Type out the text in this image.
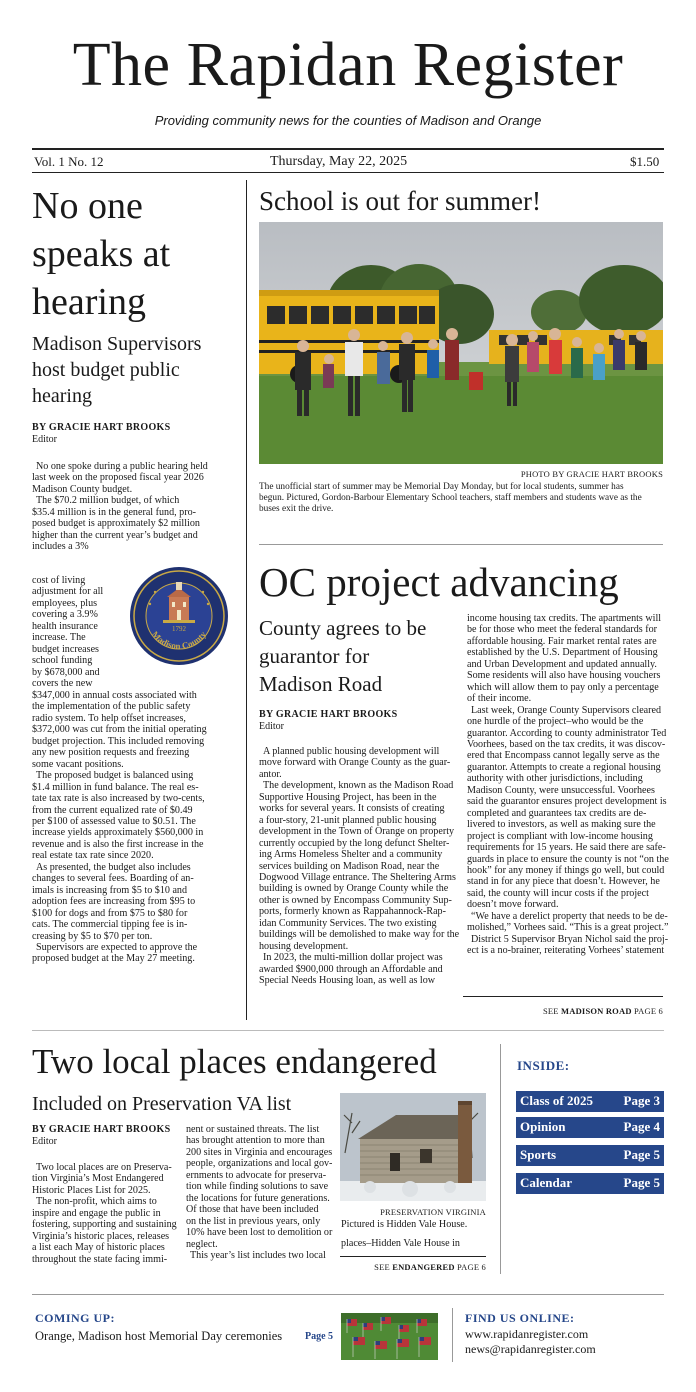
The Rapidan Register
Providing community news for the counties of Madison and Orange
Vol. 1 No. 12	Thursday, May 22, 2025	$1.50
No one
speaks at
hearing
Madison Supervisors
host budget public
hearing
BY GRACIE HART BROOKS
Editor
No one spoke during a public hearing held
last week on the proposed fiscal year 2026
Madison County budget.
The $70.2 million budget, of which
$35.4 million is in the general fund, pro-
posed budget is approximately $2 million
higher than the current year’s budget and
includes a 3%
cost of living
adjustment for all
employees, plus
covering a 3.9%
health insurance
increase. The
budget increases
school funding
by $678,000 and
covers the new
$347,000 in annual costs associated with
the implementation of the public safety
radio system. To help offset increases,
$372,000 was cut from the initial operating
budget projection. This included removing
any new position requests and freezing
some vacant positions.
The proposed budget is balanced using
$1.4 million in fund balance. The real es-
tate tax rate is also increased by two-cents,
from the current equalized rate of $0.49
per $100 of assessed value to $0.51. The
increase yields approximately $560,000 in
revenue and is also the first increase in the
real estate tax rate since 2020.
As presented, the budget also includes
changes to several fees. Boarding of an-
imals is increasing from $5 to $10 and
adoption fees are increasing from $95 to
$100 for dogs and from $75 to $80 for
cats. The commercial tipping fee is in-
creasing by $5 to $70 per ton.
Supervisors are expected to approve the
proposed budget at the May 27 meeting.
1792
Madison County
School is out for summer!
PHOTO BY GRACIE HART BROOKS
The unofficial start of summer may be Memorial Day Monday, but for local students, summer has
begun. Pictured, Gordon-Barbour Elementary School teachers, staff members and students wave as the
buses exit the drive.
OC project advancing
County agrees to be
guarantor for
Madison Road
BY GRACIE HART BROOKS
Editor
A planned public housing development will
move forward with Orange County as the guar-
antor.
The development, known as the Madison Road
Supportive Housing Project, has been in the
works for several years. It consists of creating
a four-story, 21-unit planned public housing
development in the Town of Orange on property
currently occupied by the long defunct Shelter-
ing Arms Homeless Shelter and a community
services building on Madison Road, near the
Dogwood Village entrance. The Sheltering Arms
building is owned by Orange County while the
other is owned by Encompass Community Sup-
ports, formerly known as Rappahannock-Rap-
idan Community Services. The two existing
buildings will be demolished to make way for the
housing development.
In 2023, the multi-million dollar project was
awarded $900,000 through an Affordable and
Special Needs Housing loan, as well as low
income housing tax credits. The apartments will
be for those who meet the federal standards for
affordable housing. Fair market rental rates are
established by the U.S. Department of Housing
and Urban Development and updated annually.
Some residents will also have housing vouchers
which will allow them to pay only a percentage
of their income.
Last week, Orange County Supervisors cleared
one hurdle of the project–who would be the
guarantor. According to county administrator Ted
Voorhees, based on the tax credits, it was discov-
ered that Encompass cannot legally serve as the
guarantor. Attempts to create a regional housing
authority with other jurisdictions, including
Madison County, were unsuccessful. Voorhees
said the guarantor ensures project development is
completed and guarantees tax credits are de-
livered to investors, as well as making sure the
project is compliant with low-income housing
requirements for 15 years. He said there are safe-
guards in place to ensure the county is not “on the
hook” for any money if things go well, but could
stand in for any piece that doesn’t. However, he
said, the county will incur costs if the project
doesn’t move forward.
“We have a derelict property that needs to be de-
molished,” Vorhees said. “This is a great project.”
District 5 Supervisor Bryan Nichol said the proj-
ect is a no-brainer, reiterating Vorhees’ statement
SEE MADISON ROAD PAGE 6
Two local places endangered
Included on Preservation VA list
BY GRACIE HART BROOKS
Editor
Two local places are on Preserva-
tion Virginia’s Most Endangered
Historic Places List for 2025.
The non-profit, which aims to
inspire and engage the public in
fostering, supporting and sustaining
Virginia’s historic places, releases
a list each May of historic places
throughout the state facing immi-
nent or sustained threats. The list
has brought attention to more than
200 sites in Virginia and encourages
people, organizations and local gov-
ernments to advocate for preserva-
tion while finding solutions to save
the locations for future generations.
Of those that have been included
on the list in previous years, only
10% have been lost to demolition or
neglect.
This year’s list includes two local
PRESERVATION VIRGINIA
Pictured is Hidden Vale House.
places–Hidden Vale House in
SEE ENDANGERED PAGE 6
INSIDE:
Class of 2025 Page 3
Opinion	Page 4
Sports	Page 5
Calendar	Page 5
COMING UP:
Orange, Madison host Memorial Day ceremonies Page 5
FIND US ONLINE:
www.rapidanregister.com
news@rapidanregister.com
